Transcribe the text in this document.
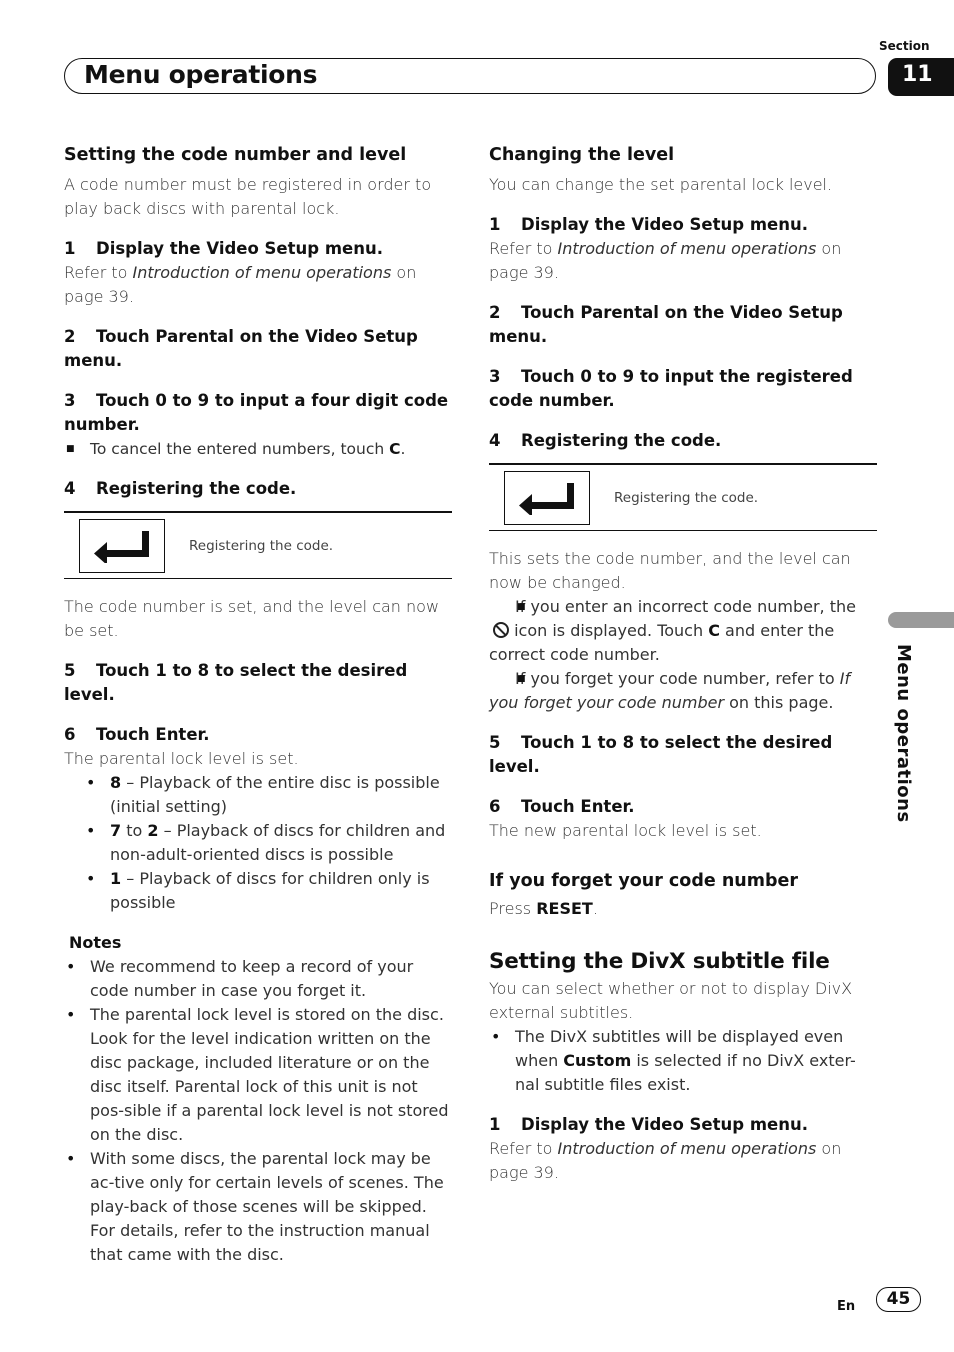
Section
11
Menu operations
Setting the code number and level
A code number must be registered in order to play back discs with parental lock.
1 Display the Video Setup menu.
Refer to Introduction of menu operations on page 39.
2 Touch Parental on the Video Setup menu.
3 Touch 0 to 9 to input a four digit code number.
■ To cancel the entered numbers, touch C.
4 Registering the code.
Registering the code.
The code number is set, and the level can now be set.
5 Touch 1 to 8 to select the desired level.
6 Touch Enter.
The parental lock level is set.
• 8 – Playback of the entire disc is possible (initial setting)
• 7 to 2 – Playback of discs for children and non-adult-oriented discs is possible
• 1 – Playback of discs for children only is possible
Notes
• We recommend to keep a record of your code number in case you forget it.
• The parental lock level is stored on the disc. Look for the level indication written on the disc package, included literature or on the disc itself. Parental lock of this unit is not pos-sible if a parental lock level is not stored on the disc.
• With some discs, the parental lock may be ac-tive only for certain levels of scenes. The play-back of those scenes will be skipped. For details, refer to the instruction manual that came with the disc.
Changing the level
You can change the set parental lock level.
1 Display the Video Setup menu.
Refer to Introduction of menu operations on page 39.
2 Touch Parental on the Video Setup menu.
3 Touch 0 to 9 to input the registered code number.
4 Registering the code.
Registering the code.
This sets the code number, and the level can now be changed.
■ If you enter an incorrect code number, the  icon is displayed. Touch C and enter the correct code number.
■ If you forget your code number, refer to If you forget your code number on this page.
5 Touch 1 to 8 to select the desired level.
6 Touch Enter.
The new parental lock level is set.
If you forget your code number
Press RESET.
Setting the DivX subtitle file
You can select whether or not to display DivX external subtitles.
• The DivX subtitles will be displayed even when Custom is selected if no DivX exter-nal subtitle files exist.
1 Display the Video Setup menu.
Refer to Introduction of menu operations on page 39.
Menu operations
En	45
